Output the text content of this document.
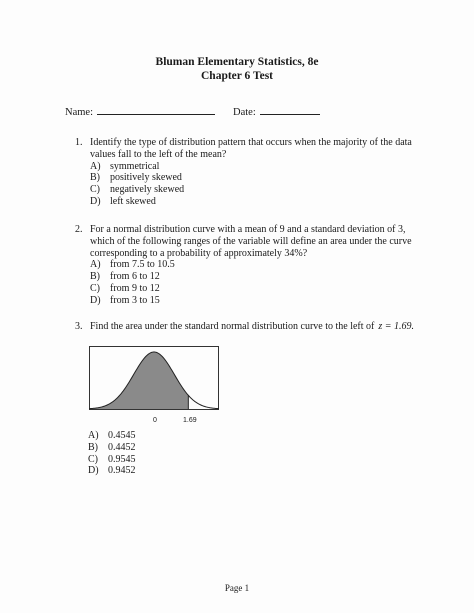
Bluman Elementary Statistics, 8e
Chapter 6 Test
Name:	Date:
1. Identify the type of distribution pattern that occurs when the majority of the data values fall to the left of the mean?
A) symmetrical
B)	positively skewed
C)	negatively skewed
D) left skewed
2. For a normal distribution curve with a mean of 9 and a standard deviation of 3, which of the following ranges of the variable will define an area under the curve corresponding to a probability of approximately 34%?
A) from 7.5 to 10.5
B)	from 6 to 12
C)	from 9 to 12
D) from 3 to 15
3. Find the area under the standard normal distribution curve to the left of z = 1.69.
0	1.69
A) 0.4545
B)	0.4452
C)	0.9545
D) 0.9452
Page 1
